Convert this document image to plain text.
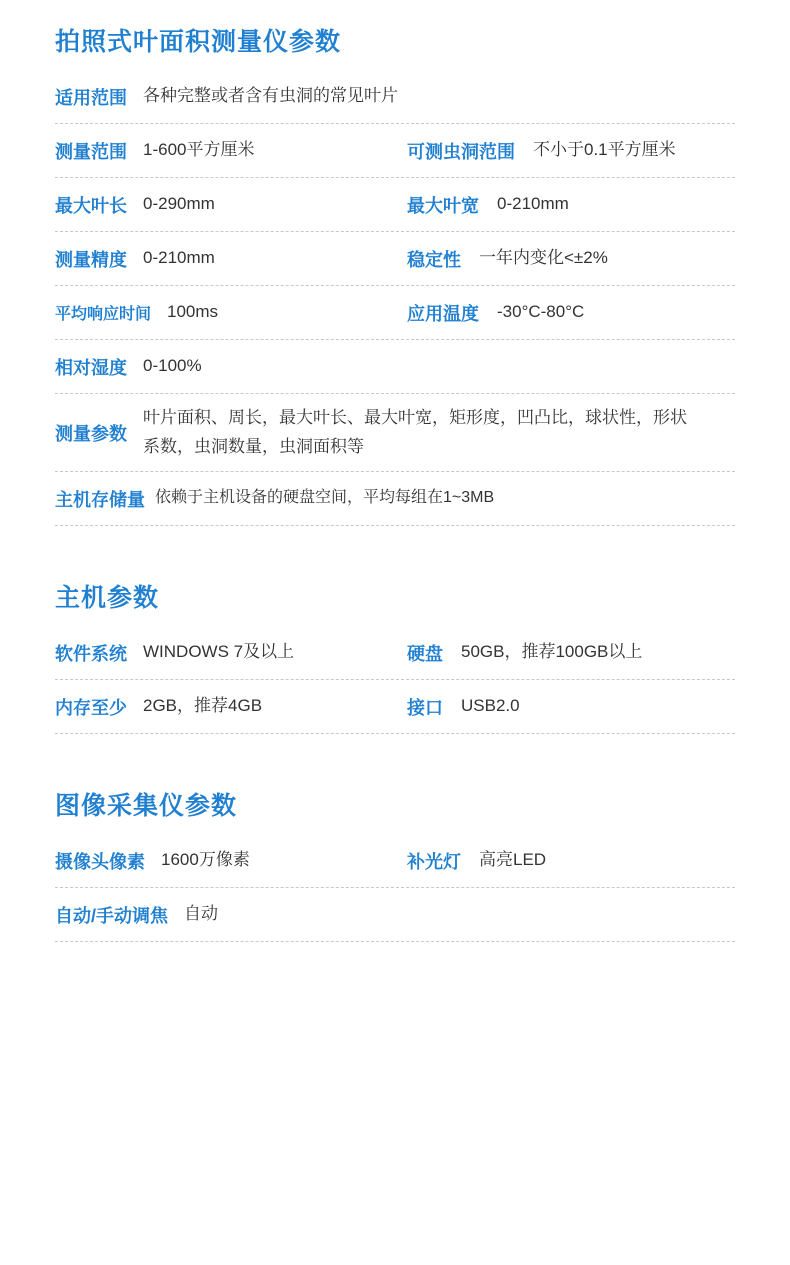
拍照式叶面积测量仪参数
适用范围 各种完整或者含有虫洞的常见叶片
测量范围 1-600平方厘米	可测虫洞范围 不小于0.1平方厘米
最大叶长 0-290mm	最大叶宽 0-210mm
测量精度 0-210mm	稳定性 一年内变化<±2%
平均响应时间 100ms	应用温度 -30°C-80°C
相对湿度 0-100%
测量参数
叶片面积、周长，最大叶长、最大叶宽，矩形度，凹凸比，球状性，形状系数，虫洞数量，虫洞面积等
主机存储量 依赖于主机设备的硬盘空间，平均每组在1~3MB
主机参数
软件系统 WINDOWS 7及以上	硬盘 50GB，推荐100GB以上
内存至少 2GB，推荐4GB	接口 USB2.0
图像采集仪参数
摄像头像素 1600万像素	补光灯 高亮LED
自动/手动调焦 自动
